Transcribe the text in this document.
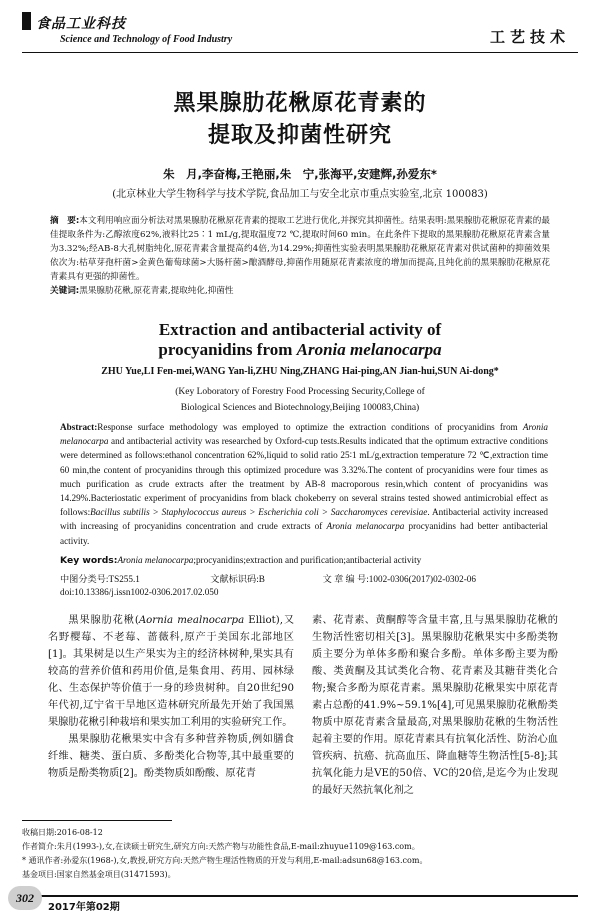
食品工业科技
Science and Technology of Food Industry	工艺技术
黑果腺肋花楸原花青素的
提取及抑菌性研究
朱　月,李奋梅,王艳丽,朱　宁,张海平,安建辉,孙爱东*
(北京林业大学生物科学与技术学院,食品加工与安全北京市重点实验室,北京 100083)
摘　要:本文利用响应面分析法对黑果腺肋花楸原花青素的提取工艺进行优化,并探究其抑菌性。结果表明:黑果腺肋花楸原花青素的最佳提取条件为:乙醇浓度62%,液料比25∶1 mL/g,提取温度72 ℃,提取时间60 min。在此条件下提取的黑果腺肋花楸原花青素含量为3.32%;经AB-8大孔树脂纯化,原花青素含量提高约4倍,为14.29%;抑菌性实验表明黑果腺肋花楸原花青素对供试菌种的抑菌效果依次为:枯草芽孢杆菌>金黄色葡萄球菌>大肠杆菌>酿酒酵母,抑菌作用随原花青素浓度的增加而提高,且纯化前的黑果腺肋花楸原花青素具有更强的抑菌性。
关键词:黑果腺肋花楸,原花青素,提取纯化,抑菌性
Extraction and antibacterial activity of
procyanidins from Aronia melanocarpa
ZHU Yue,LI Fen-mei,WANG Yan-li,ZHU Ning,ZHANG Hai-ping,AN Jian-hui,SUN Ai-dong*
(Key Loboratory of Forestry Food Processing Security,College of
Biological Sciences and Biotechnology,Beijing 100083,China)
Abstract:Response surface methodology was employed to optimize the extraction conditions of procyanidins from Aronia melanocarpa and antibacterial activity was researched by Oxford-cup tests.Results indicated that the optimum extractive conditions were determined as follows:ethanol concentration 62%,liquid to solid ratio 25∶1 mL/g,extraction temperature 72 ℃,extraction time 60 min,the content of procyanidins through this optimized procedure was 3.32%.The content of procyanidins were four times as much purification as crude extracts after the treatment by AB-8 macroporous resin,which content of procyanidins was 14.29%.Bacteriostatic experiment of procyanidins from black chokeberry on several strains tested showed antimicrobial effect as follows:Bacillus subtilis > Staphylococcus aureus > Escherichia coli > Saccharomyces cerevisiae. Antibacterial activity increased with increasing of procyanidins concentration and crude extracts of Aronia melanocarpa procyanidins had better antibacterial activity.
Key words:Aronia melanocarpa;procyanidins;extraction and purification;antibacterial activity
中图分类号:TS255.1	文献标识码:B	文 章 编 号:1002-0306(2017)02-0302-06
doi:10.13386/j.issn1002-0306.2017.02.050

黑果腺肋花楸(Aornia mealnocarpa Elliot),又名野樱莓、不老莓、蔷薇科,原产于美国东北部地区[1]。其果树是以生产果实为主的经济林树种,果实具有较高的营养价值和药用价值,是集食用、药用、园林绿化、生态保护等价值于一身的珍贵树种。自20世纪90年代初,辽宁省干旱地区造林研究所最先开始了我国黑果腺肋花楸引种栽培和果实加工利用的实验研究工作。

黑果腺肋花楸果实中含有多种营养物质,例如膳食纤维、糖类、蛋白质、多酚类化合物等,其中最重要的物质是酚类物质[2]。酚类物质如酚酸、原花青

素、花青素、黄酮醇等含量丰富,且与黑果腺肋花楸的生物活性密切相关[3]。黑果腺肋花楸果实中多酚类物质主要分为单体多酚和聚合多酚。单体多酚主要为酚酸、类黄酮及其试类化合物、花青素及其糖苷类化合物;聚合多酚为原花青素。黑果腺肋花楸果实中原花青素占总酚的41.9%~59.1%[4],可见黑果腺肋花楸酚类物质中原花青素含量最高,对黑果腺肋花楸的生物活性起着主要的作用。原花青素具有抗氧化活性、防治心血管疾病、抗癌、抗高血压、降血糖等生物活性[5-8];其抗氧化能力是VE的50倍、VC的20倍,是迄今为止发现的最好天然抗氧化剂之

收稿日期:2016-08-12
作者简介:朱月(1993-),女,在读硕士研究生,研究方向:天然产物与功能性食品,E-mail:zhuyue1109@163.com。
* 通讯作者:孙爱东(1968-),女,教授,研究方向:天然产物生理活性物质的开发与利用,E-mail:adsun68@163.com。
基金项目:国家自然基金项目(31471593)。
302
2017年第02期
